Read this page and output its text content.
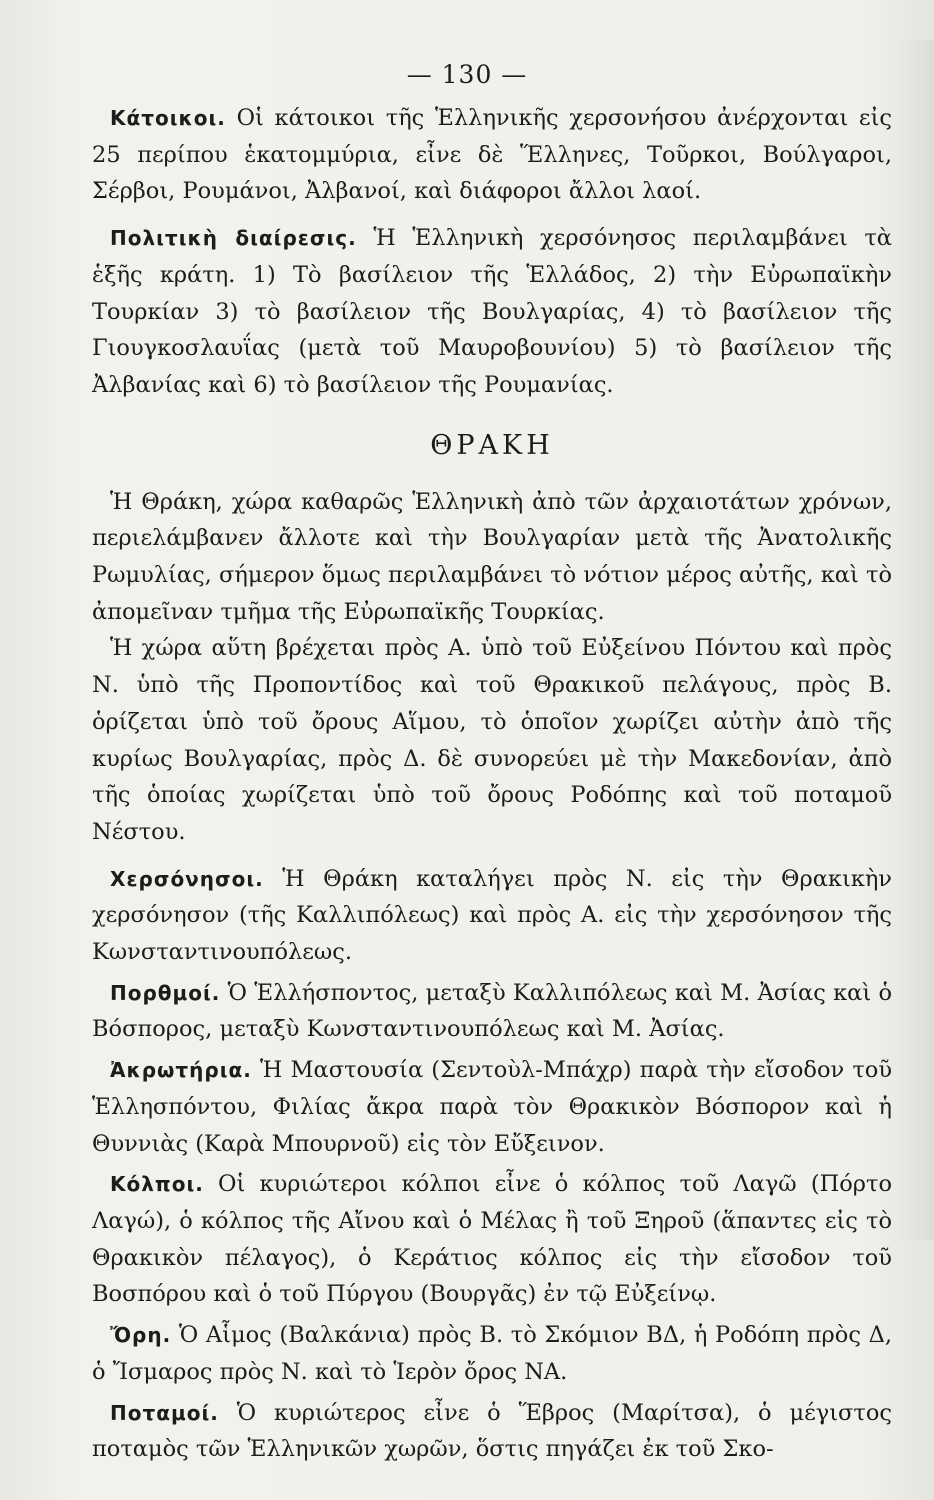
— 130 —

Κάτοικοι. Οἱ κάτοικοι τῆς Ἑλληνικῆς χερσονήσου ἀνέρχονται εἰς 25 περίπου ἑκατομμύρια, εἶνε δὲ Ἕλληνες, Τοῦρκοι, Βούλγαροι, Σέρβοι, Ρουμάνοι, Ἀλβανοί, καὶ διάφοροι ἄλλοι λαοί.

Πολιτικὴ διαίρεσις. Ἡ Ἑλληνικὴ χερσόνησος περιλαμβάνει τὰ ἑξῆς κράτη. 1) Τὸ βασίλειον τῆς Ἑλλάδος, 2) τὴν Εὐρωπαϊκὴν Τουρκίαν 3) τὸ βασίλειον τῆς Βουλγαρίας, 4) τὸ βασίλειον τῆς Γιουγκοσλαυΐας (μετὰ τοῦ Μαυροβουνίου) 5) τὸ βασίλειον τῆς Ἀλβανίας καὶ 6) τὸ βασίλειον τῆς Ρουμανίας.

ΘΡΑΚΗ

Ἡ Θράκη, χώρα καθαρῶς Ἑλληνικὴ ἀπὸ τῶν ἀρχαιοτάτων χρόνων, περιελάμβανεν ἄλλοτε καὶ τὴν Βουλγαρίαν μετὰ τῆς Ἀνατολικῆς Ρωμυλίας, σήμερον ὅμως περιλαμβάνει τὸ νότιον μέρος αὐτῆς, καὶ τὸ ἀπομεῖναν τμῆμα τῆς Εὐρωπαϊκῆς Τουρκίας.

Ἡ χώρα αὕτη βρέχεται πρὸς Α. ὑπὸ τοῦ Εὐξείνου Πόντου καὶ πρὸς Ν. ὑπὸ τῆς Προποντίδος καὶ τοῦ Θρακικοῦ πελάγους, πρὸς Β. ὁρίζεται ὑπὸ τοῦ ὄρους Αἵμου, τὸ ὁποῖον χωρίζει αὐτὴν ἀπὸ τῆς κυρίως Βουλγαρίας, πρὸς Δ. δὲ συνορεύει μὲ τὴν Μακεδονίαν, ἀπὸ τῆς ὁποίας χωρίζεται ὑπὸ τοῦ ὄρους Ροδόπης καὶ τοῦ ποταμοῦ Νέστου.

Χερσόνησοι. Ἡ Θράκη καταλήγει πρὸς Ν. εἰς τὴν Θρακικὴν χερσόνησον (τῆς Καλλιπόλεως) καὶ πρὸς Α. εἰς τὴν χερσόνησον τῆς Κωνσταντινουπόλεως.

Πορθμοί. Ὁ Ἑλλήσποντος, μεταξὺ Καλλιπόλεως καὶ Μ. Ἀσίας καὶ ὁ Βόσπορος, μεταξὺ Κωνσταντινουπόλεως καὶ Μ. Ἀσίας.

Ἀκρωτήρια. Ἡ Μαστουσία (Σεντοὺλ-Μπάχρ) παρὰ τὴν εἴσοδον τοῦ Ἑλλησπόντου, Φιλίας ἄκρα παρὰ τὸν Θρακικὸν Βόσπορον καὶ ἡ Θυννιὰς (Καρὰ Μπουρνοῦ) εἰς τὸν Εὔξεινον.

Κόλποι. Οἱ κυριώτεροι κόλποι εἶνε ὁ κόλπος τοῦ Λαγῶ (Πόρτο Λαγώ), ὁ κόλπος τῆς Αἴνου καὶ ὁ Μέλας ἢ τοῦ Ξηροῦ (ἅπαντες εἰς τὸ Θρακικὸν πέλαγος), ὁ Κεράτιος κόλπος εἰς τὴν εἴσοδον τοῦ Βοσπόρου καὶ ὁ τοῦ Πύργου (Βουργᾶς) ἐν τῷ Εὐξείνῳ.

Ὄρη. Ὁ Αἷμος (Βαλκάνια) πρὸς Β. τὸ Σκόμιον ΒΔ, ἡ Ροδόπη πρὸς Δ, ὁ Ἴσμαρος πρὸς Ν. καὶ τὸ Ἱερὸν ὄρος ΝΑ.

Ποταμοί. Ὁ κυριώτερος εἶνε ὁ Ἕβρος (Μαρίτσα), ὁ μέγιστος ποταμὸς τῶν Ἑλληνικῶν χωρῶν, ὅστις πηγάζει ἐκ τοῦ Σκο-
